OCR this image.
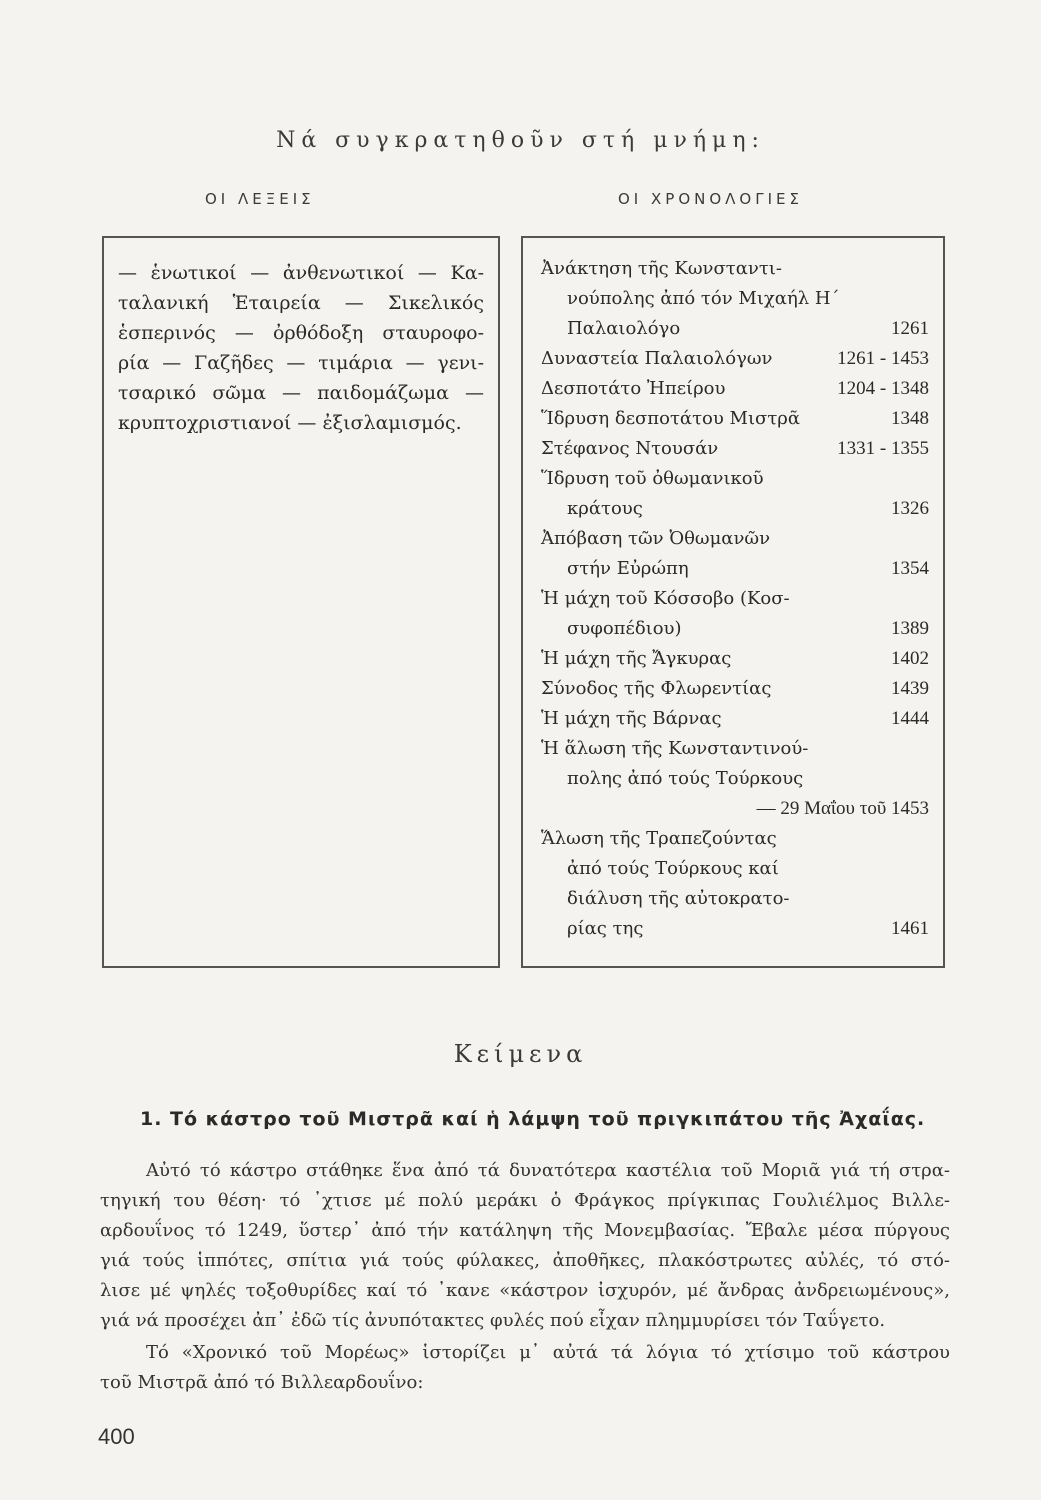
Νά συγκρατηθοῦν στή μνήμη:
ΟΙ ΛΕΞΕΙΣ	ΟΙ ΧΡΟΝΟΛΟΓΙΕΣ
— ἑνωτικοί — ἀνθενωτικοί — Κα-
ταλανική Ἑταιρεία — Σικελικός
ἑσπερινός — ὀρθόδοξη σταυροφο-
ρία — Γαζῆδες — τιμάρια — γενι-
τσαρικό σῶμα — παιδομάζωμα —
κρυπτοχριστιανοί — ἐξισλαμισμός.
Ἀνάκτηση τῆς Κωνσταντι-
νούπολης ἀπό τόν Μιχαήλ Η΄
Παλαιολόγο	1261
Δυναστεία Παλαιολόγων	1261 - 1453
Δεσποτάτο Ἠπείρου	1204 - 1348
Ἵδρυση δεσποτάτου Μιστρᾶ	1348
Στέφανος Ντουσάν	1331 - 1355
Ἵδρυση τοῦ ὀθωμανικοῦ
κράτους	1326
Ἀπόβαση τῶν Ὀθωμανῶν
στήν Εὐρώπη	1354
Ἡ μάχη τοῦ Κόσσοβο (Κοσ-
συφοπέδιου)	1389
Ἡ μάχη τῆς Ἄγκυρας	1402
Σύνοδος τῆς Φλωρεντίας	1439
Ἡ μάχη τῆς Βάρνας	1444
Ἡ ἅλωση τῆς Κωνσταντινού-
πολης ἀπό τούς Τούρκους
— 29 Μαΐου τοῦ 1453
Ἅλωση τῆς Τραπεζούντας
ἀπό τούς Τούρκους καί
διάλυση τῆς αὐτοκρατο-
ρίας της	1461
Κείμενα
1. Τό κάστρο τοῦ Μιστρᾶ καί ἡ λάμψη τοῦ πριγκιπάτου τῆς Ἀχαΐας.
Αὐτό τό κάστρο στάθηκε ἕνα ἀπό τά δυνατότερα καστέλια τοῦ Μοριᾶ γιά τή στρα-
τηγική του θέση· τό ᾽χτισε μέ πολύ μεράκι ὁ Φράγκος πρίγκιπας Γουλιέλμος Βιλλε-
αρδουΐνος τό 1249, ὕστερ᾽ ἀπό τήν κατάληψη τῆς Μονεμβασίας. Ἔβαλε μέσα πύργους
γιά τούς ἱππότες, σπίτια γιά τούς φύλακες, ἀποθῆκες, πλακόστρωτες αὐλές, τό στό-
λισε μέ ψηλές τοξοθυρίδες καί τό ᾽κανε «κάστρον ἰσχυρόν, μέ ἄνδρας ἀνδρειωμένους»,
γιά νά προσέχει ἀπ᾽ ἐδῶ τίς ἀνυπότακτες φυλές πού εἶχαν πλημμυρίσει τόν Ταΰγετο.
Τό «Χρονικό τοῦ Μορέως» ἱστορίζει μ᾽ αὐτά τά λόγια τό χτίσιμο τοῦ κάστρου
τοῦ Μιστρᾶ ἀπό τό Βιλλεαρδουΐνο:
400
